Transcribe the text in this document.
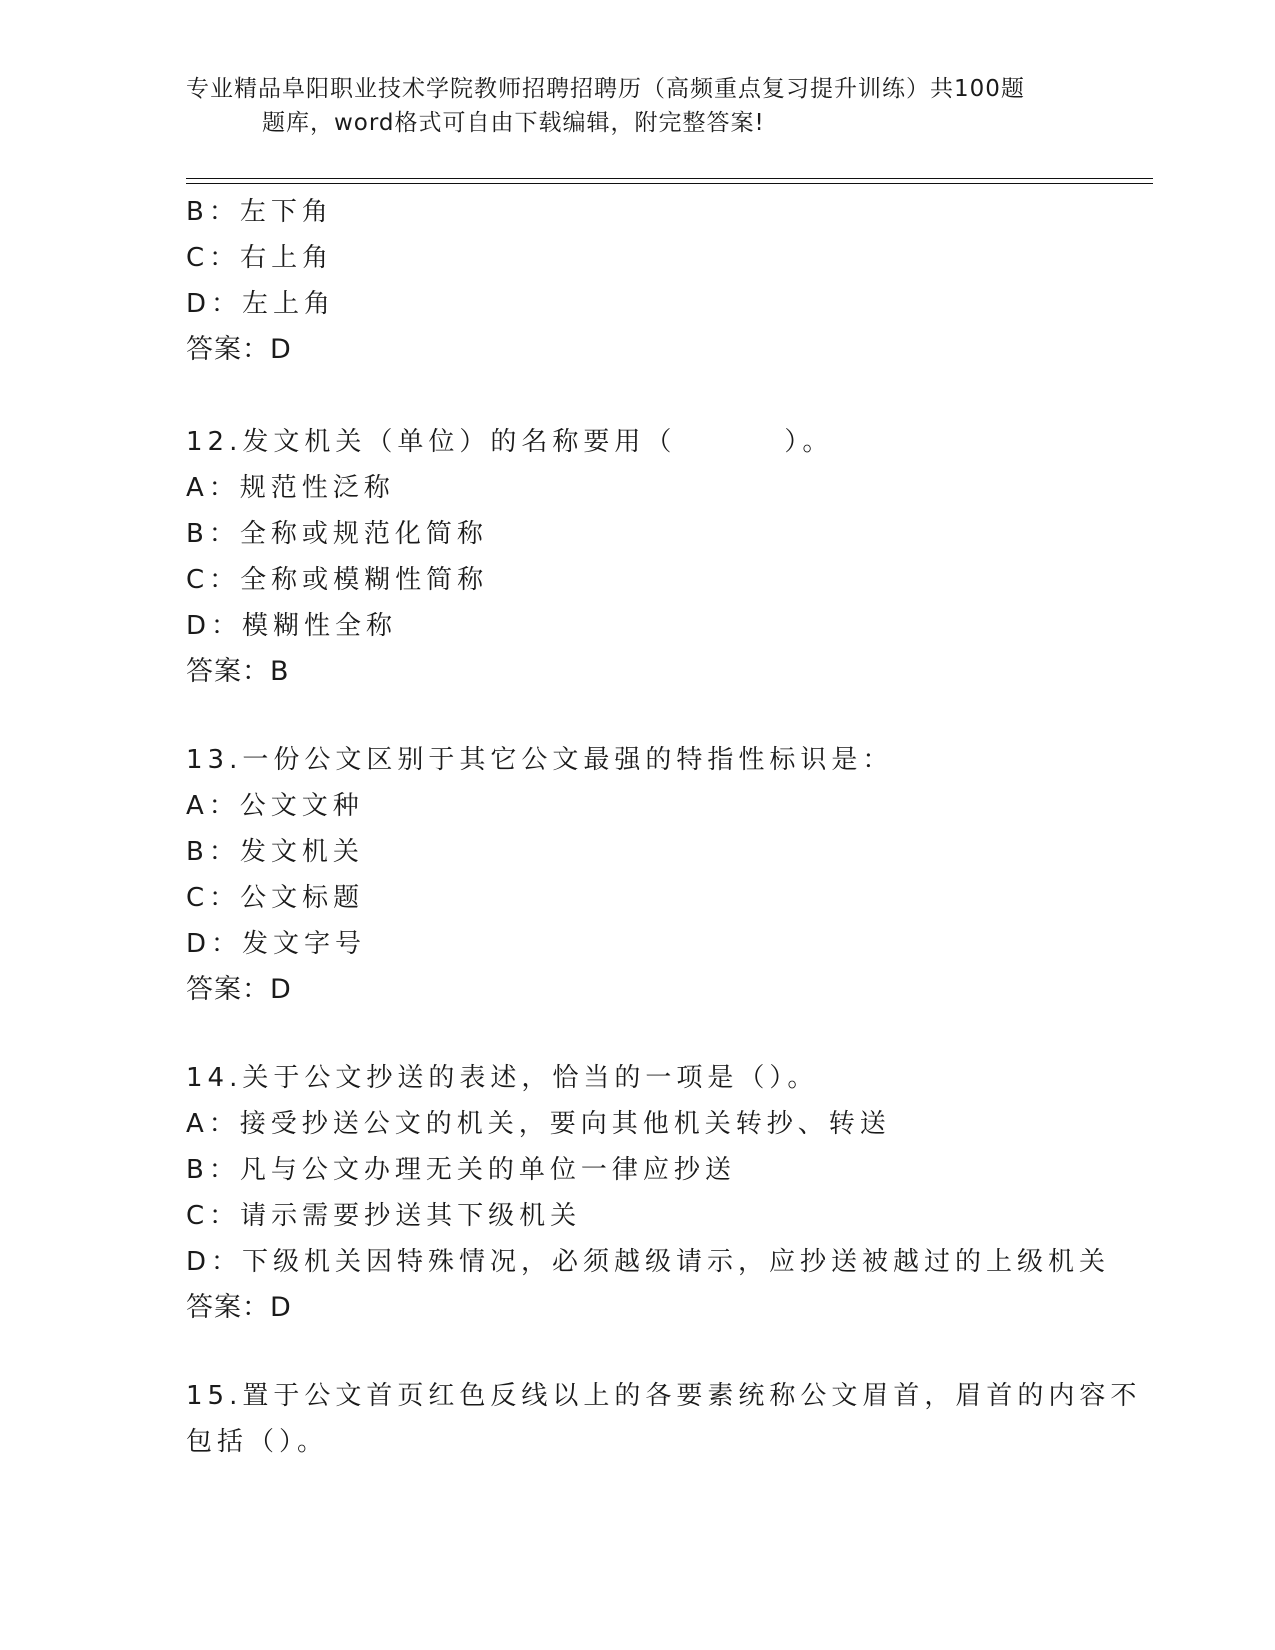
专业精品阜阳职业技术学院教师招聘招聘历（高频重点复习提升训练）共100题
题库，word格式可自由下载编辑，附完整答案!
B：左下角
C：右上角
D：左上角
答案：D
12.发文机关（单位）的名称要用（	）。
A：规范性泛称
B：全称或规范化简称
C：全称或模糊性简称
D：模糊性全称
答案：B
13.一份公文区别于其它公文最强的特指性标识是：
A：公文文种
B：发文机关
C：公文标题
D：发文字号
答案：D
14.关于公文抄送的表述，恰当的一项是（）。
A：接受抄送公文的机关，要向其他机关转抄、转送
B：凡与公文办理无关的单位一律应抄送
C：请示需要抄送其下级机关
D：下级机关因特殊情况，必须越级请示，应抄送被越过的上级机关
答案：D
15.置于公文首页红色反线以上的各要素统称公文眉首，眉首的内容不
包括（）。
